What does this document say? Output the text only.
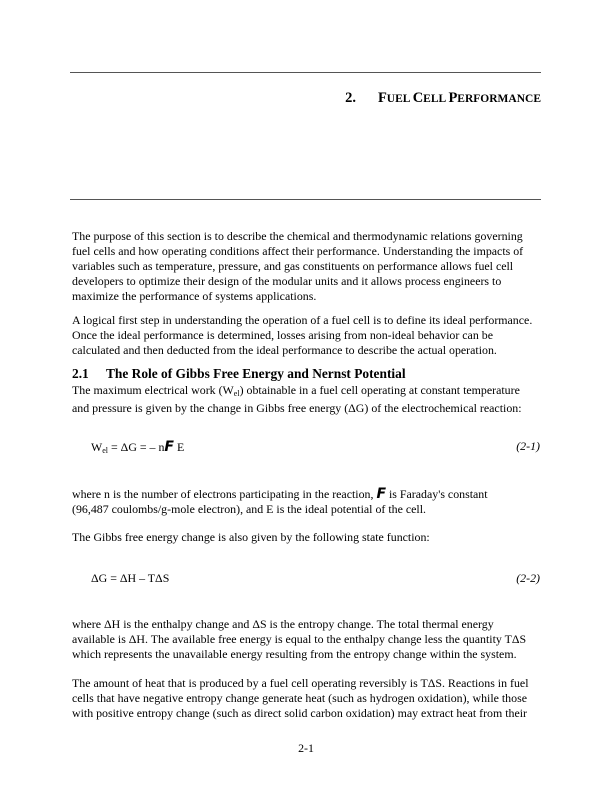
2. FUEL CELL PERFORMANCE

The purpose of this section is to describe the chemical and thermodynamic relations governing
fuel cells and how operating conditions affect their performance. Understanding the impacts of
variables such as temperature, pressure, and gas constituents on performance allows fuel cell
developers to optimize their design of the modular units and it allows process engineers to
maximize the performance of systems applications.

A logical first step in understanding the operation of a fuel cell is to define its ideal performance.
Once the ideal performance is determined, losses arising from non-ideal behavior can be
calculated and then deducted from the ideal performance to describe the actual operation.

2.1 The Role of Gibbs Free Energy and Nernst Potential

The maximum electrical work $(W_{el})$ obtainable in a fuel cell operating at constant temperature
and pressure is given by the change in Gibbs free energy (ΔG) of the electrochemical reaction:

$W_{el} = \Delta G$ = – nF E	(2-1)

where n is the number of electrons participating in the reaction, F is Faraday's constant
(96,487 coulombs/g-mole electron), and E is the ideal potential of the cell.

The Gibbs free energy change is also given by the following state function:

ΔG = ΔH – TΔS	(2-2)

where ΔH is the enthalpy change and ΔS is the entropy change. The total thermal energy
available is ΔH. The available free energy is equal to the enthalpy change less the quantity TΔS
which represents the unavailable energy resulting from the entropy change within the system.

The amount of heat that is produced by a fuel cell operating reversibly is TΔS. Reactions in fuel
cells that have negative entropy change generate heat (such as hydrogen oxidation), while those
with positive entropy change (such as direct solid carbon oxidation) may extract heat from their

2-1
